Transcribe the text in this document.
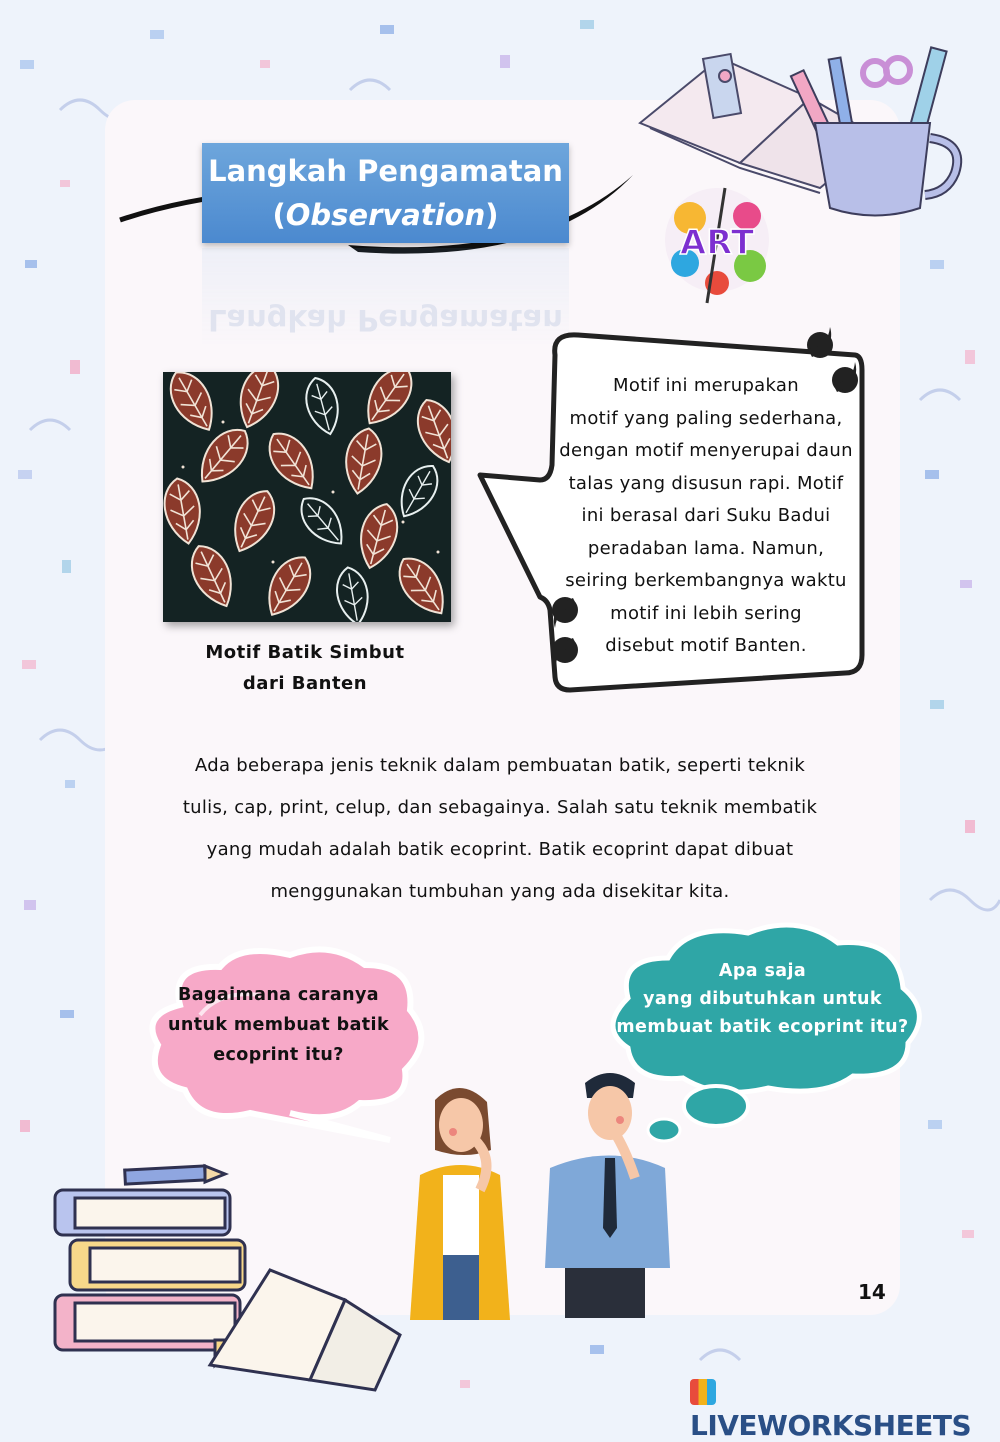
Langkah Pengamatan
(Observation)
Langkah Pengamatan
ART
Motif Batik Simbut
dari Banten
Motif ini merupakan
motif yang paling sederhana,
dengan motif menyerupai daun
talas yang disusun rapi. Motif
ini berasal dari Suku Badui
peradaban lama. Namun,
seiring berkembangnya waktu
motif ini lebih sering
disebut motif Banten.
Ada beberapa jenis teknik dalam pembuatan batik, seperti teknik
tulis, cap, print, celup, dan sebagainya. Salah satu teknik membatik
yang mudah adalah batik ecoprint. Batik ecoprint dapat dibuat
menggunakan tumbuhan yang ada disekitar kita.
Bagaimana caranya
untuk membuat batik
ecoprint itu?
Apa saja
yang dibutuhkan untuk
membuat batik ecoprint itu?
14
LIVEWORKSHEETS
